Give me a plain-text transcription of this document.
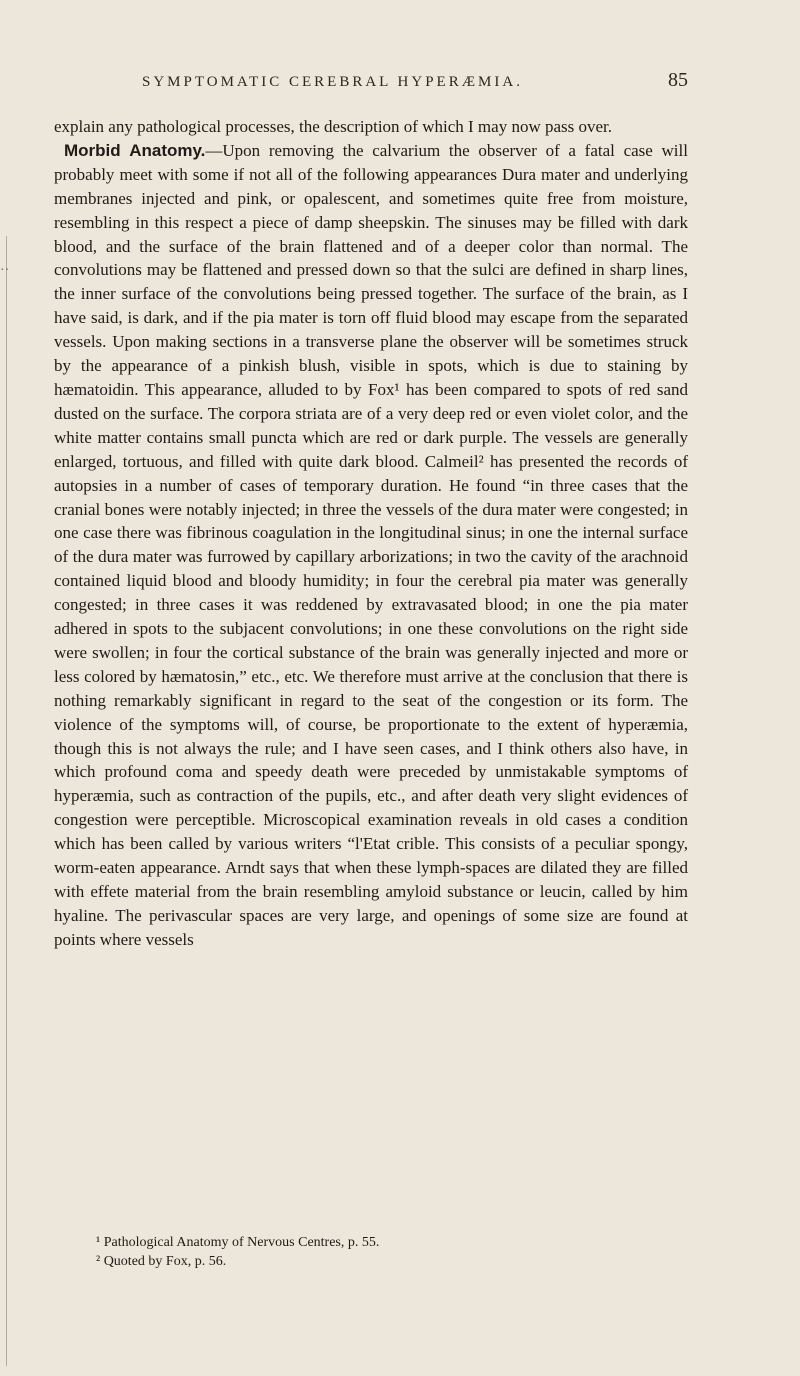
··
SYMPTOMATIC CEREBRAL HYPERÆMIA.	85

explain any pathological processes, the description of which I may now pass over.

Morbid Anatomy.—Upon removing the calvarium the observer of a fatal case will probably meet with some if not all of the following appearances Dura mater and underlying membranes injected and pink, or opalescent, and sometimes quite free from moisture, resembling in this respect a piece of damp sheepskin. The sinuses may be filled with dark blood, and the surface of the brain flattened and of a deeper color than normal. The convolutions may be flattened and pressed down so that the sulci are defined in sharp lines, the inner surface of the convolutions being pressed together. The surface of the brain, as I have said, is dark, and if the pia mater is torn off fluid blood may escape from the separated vessels. Upon making sections in a transverse plane the observer will be sometimes struck by the appearance of a pinkish blush, visible in spots, which is due to staining by hæmatoidin. This appearance, alluded to by Fox¹ has been compared to spots of red sand dusted on the surface. The corpora striata are of a very deep red or even violet color, and the white matter contains small puncta which are red or dark purple. The vessels are generally enlarged, tortuous, and filled with quite dark blood. Calmeil² has presented the records of autopsies in a number of cases of temporary duration. He found “in three cases that the cranial bones were notably injected; in three the vessels of the dura mater were congested; in one case there was fibrinous coagulation in the longitudinal sinus; in one the internal surface of the dura mater was furrowed by capillary arborizations; in two the cavity of the arachnoid contained liquid blood and bloody humidity; in four the cerebral pia mater was generally congested; in three cases it was reddened by extravasated blood; in one the pia mater adhered in spots to the subjacent convolutions; in one these convolutions on the right side were swollen; in four the cortical substance of the brain was generally injected and more or less colored by hæmatosin,” etc., etc. We therefore must arrive at the conclusion that there is nothing remarkably significant in regard to the seat of the congestion or its form. The violence of the symptoms will, of course, be proportionate to the extent of hyperæmia, though this is not always the rule; and I have seen cases, and I think others also have, in which profound coma and speedy death were preceded by unmistakable symptoms of hyperæmia, such as contraction of the pupils, etc., and after death very slight evidences of congestion were perceptible. Microscopical examination reveals in old cases a condition which has been called by various writers “l'Etat crible. This consists of a peculiar spongy, worm-eaten appearance. Arndt says that when these lymph-spaces are dilated they are filled with effete material from the brain resembling amyloid substance or leucin, called by him hyaline. The perivascular spaces are very large, and openings of some size are found at points where vessels

¹ Pathological Anatomy of Nervous Centres, p. 55.

² Quoted by Fox, p. 56.
